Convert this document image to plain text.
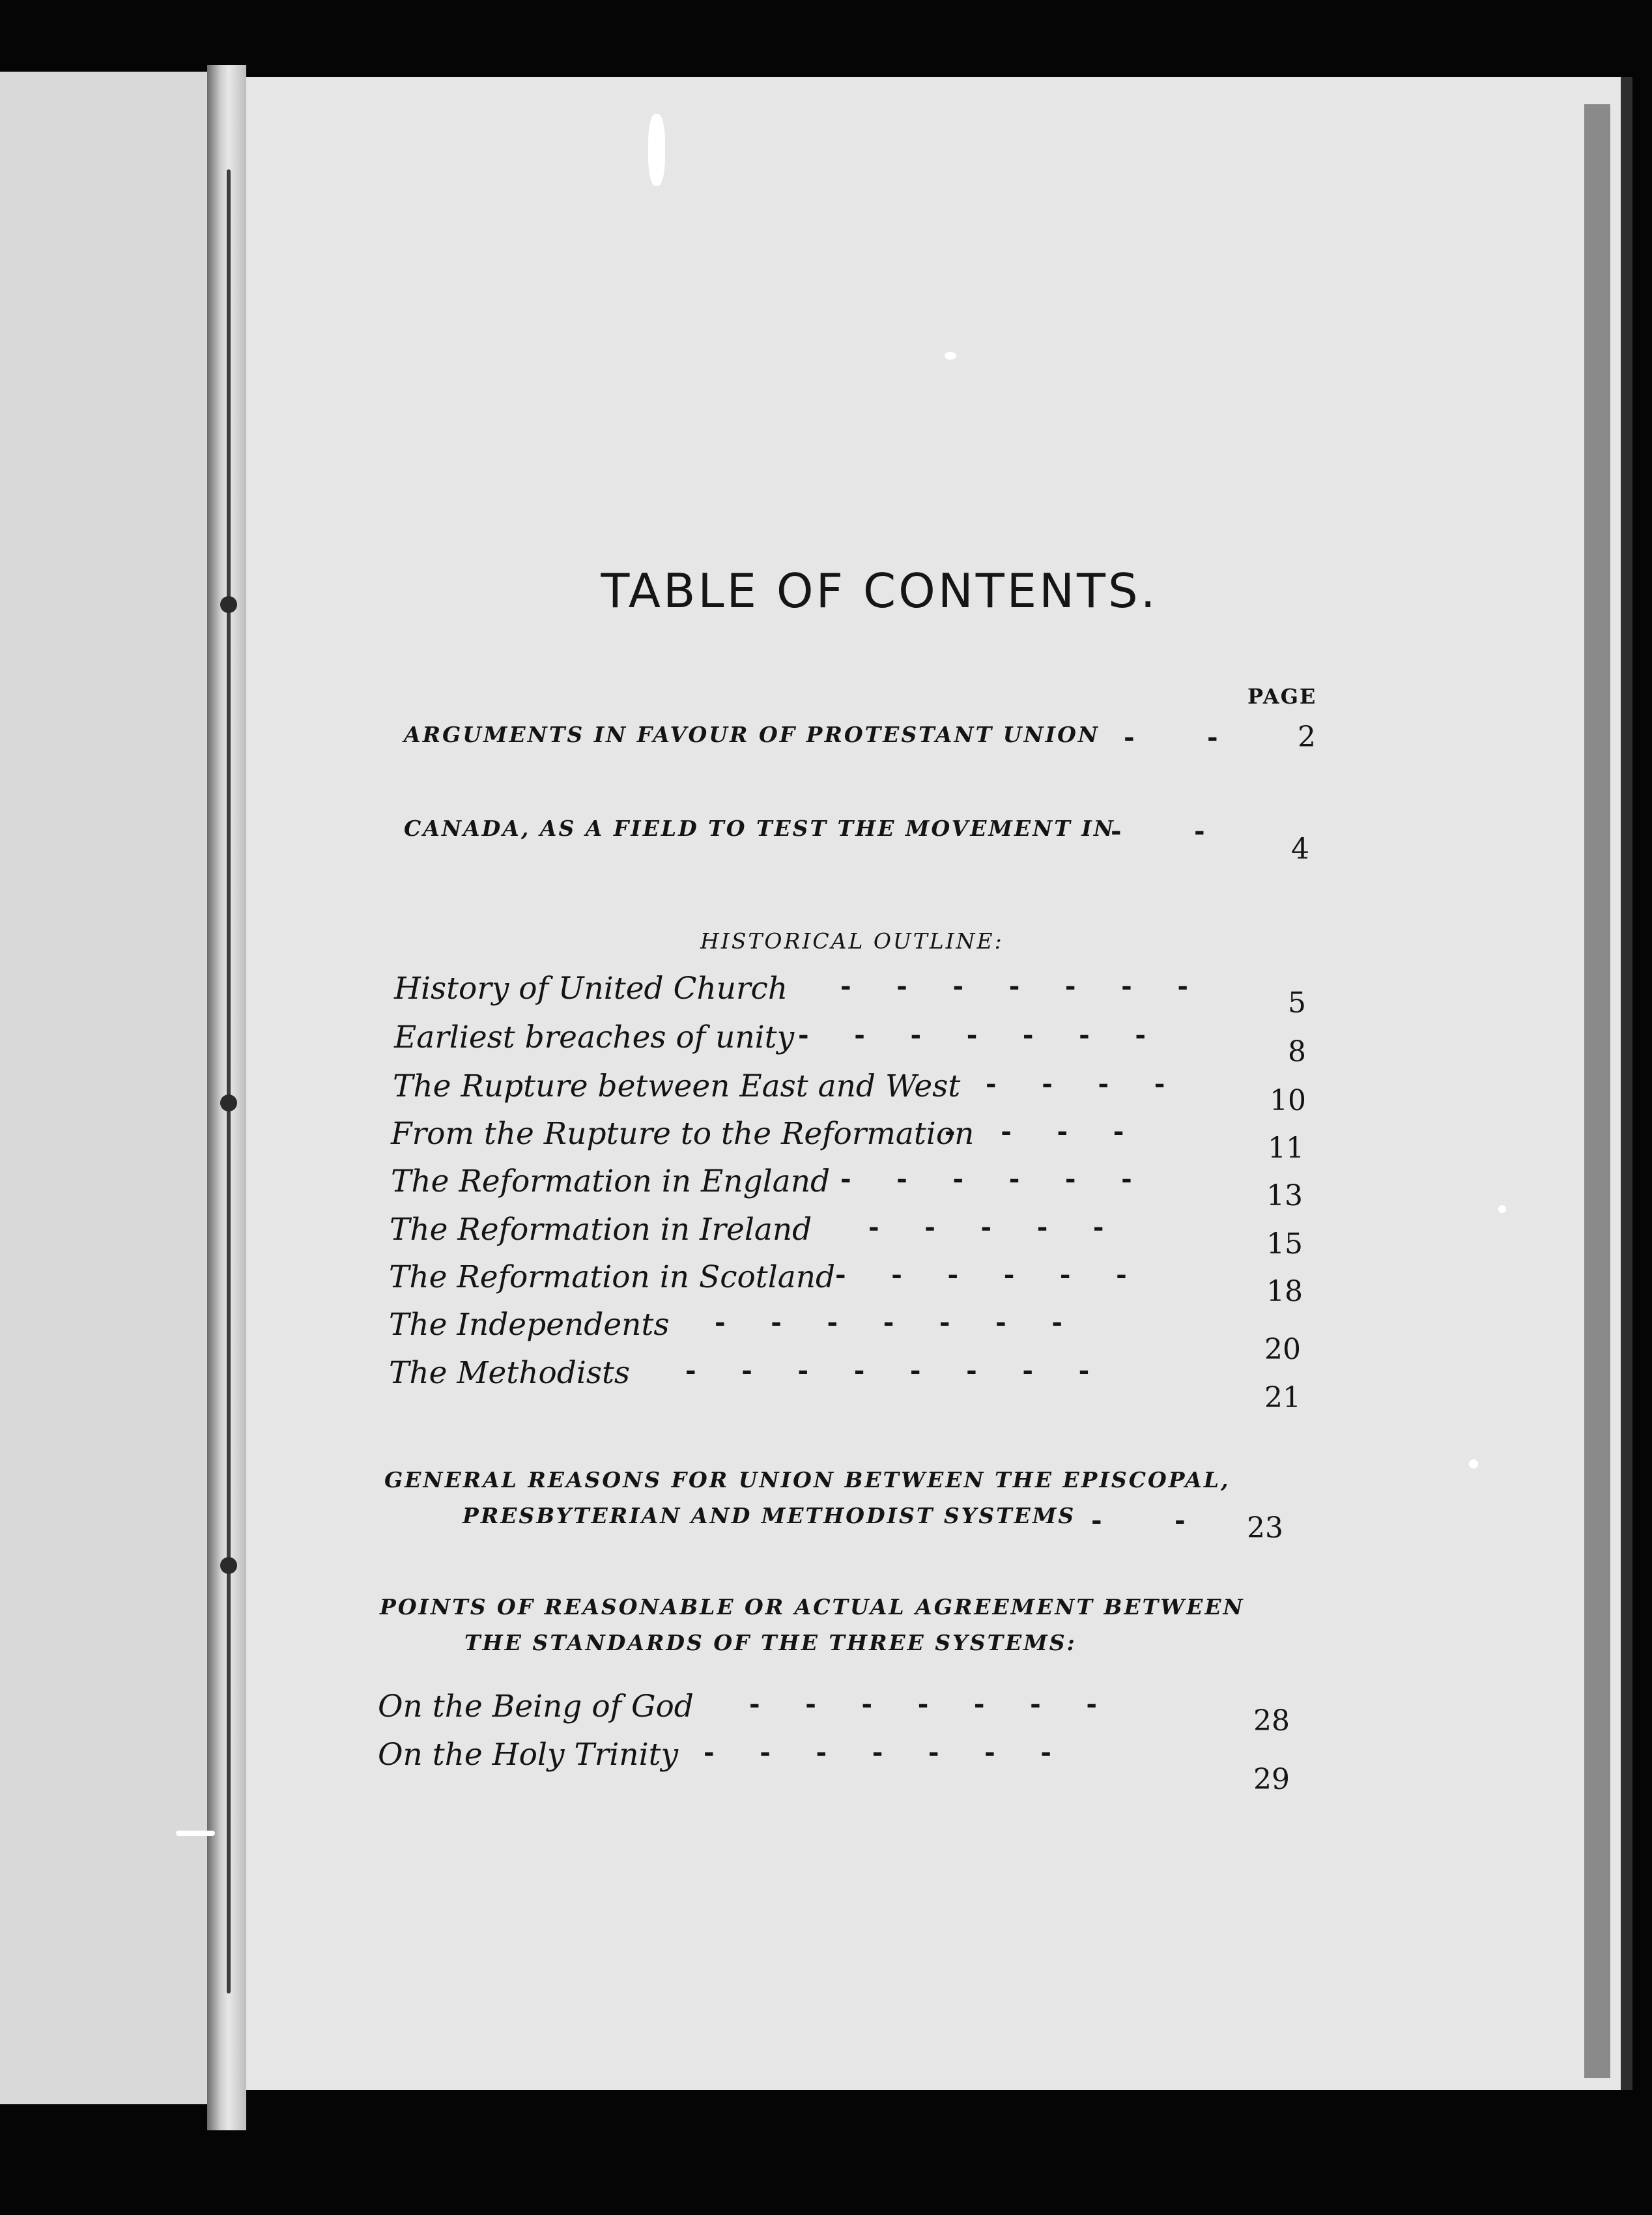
TABLE OF CONTENTS.
PAGE
ARGUMENTS IN FAVOUR OF PROTESTANT UNION -        -	2
CANADA, AS A FIELD TO TEST THE MOVEMENT IN
-        -
4
HISTORICAL OUTLINE:
History of United Church -     -     -     -     -     -     -
5
Earliest breaches of unity -     -     -     -     -     -     -
8
The Rupture between East and West -     -     -     -
10
From the Rupture to the Reformation
-     -     -     -
11
The Reformation in England -     -     -     -     -     -
13
The Reformation in Ireland -     -     -     -     -
15
The Reformation in Scotland -     -     -     -     -     -
18
The Independents -     -     -     -     -     -     -
20
The Methodists -     -     -     -     -     -     -     -
21
GENERAL REASONS FOR UNION BETWEEN THE EPISCOPAL,
PRESBYTERIAN AND METHODIST SYSTEMS -        -	23
POINTS OF REASONABLE OR ACTUAL AGREEMENT BETWEEN
THE STANDARDS OF THE THREE SYSTEMS:
On the Being of God -     -     -     -     -     -     -
28
On the Holy Trinity -     -     -     -     -     -     -
29
